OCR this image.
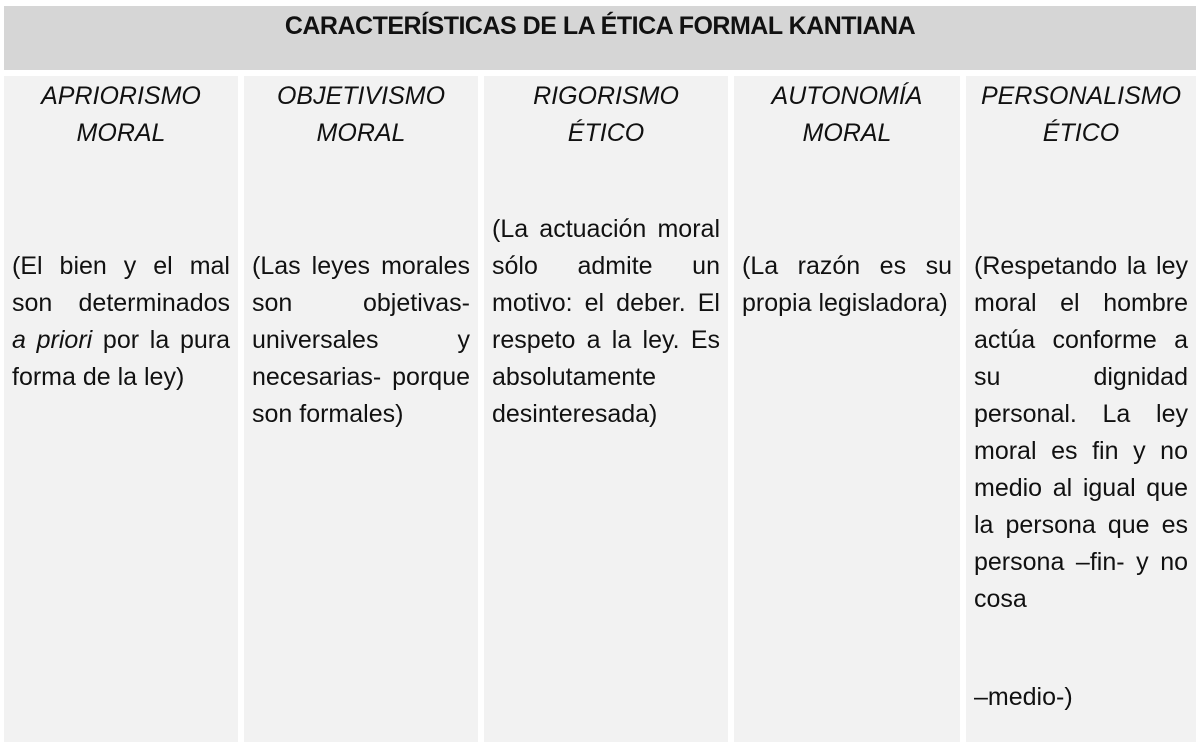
CARACTERÍSTICAS DE LA ÉTICA FORMAL KANTIANA
APRIORISMO MORAL
(El bien y el mal son determinados a priori por la pura forma de la ley)
OBJETIVISMO MORAL
(Las leyes morales son objetivas- universales y necesarias- porque son formales)
RIGORISMO ÉTICO
(La actuación moral sólo admite un motivo: el deber. El respeto a la ley. Es absolutamente desinteresada)
AUTONOMÍA MORAL
(La razón es su propia legisladora)
PERSONALISMO ÉTICO
(Respetando la ley moral el hombre actúa conforme a su dignidad personal. La ley moral es fin y no medio al igual que la persona que es persona –fin- y no cosa
–medio-)
